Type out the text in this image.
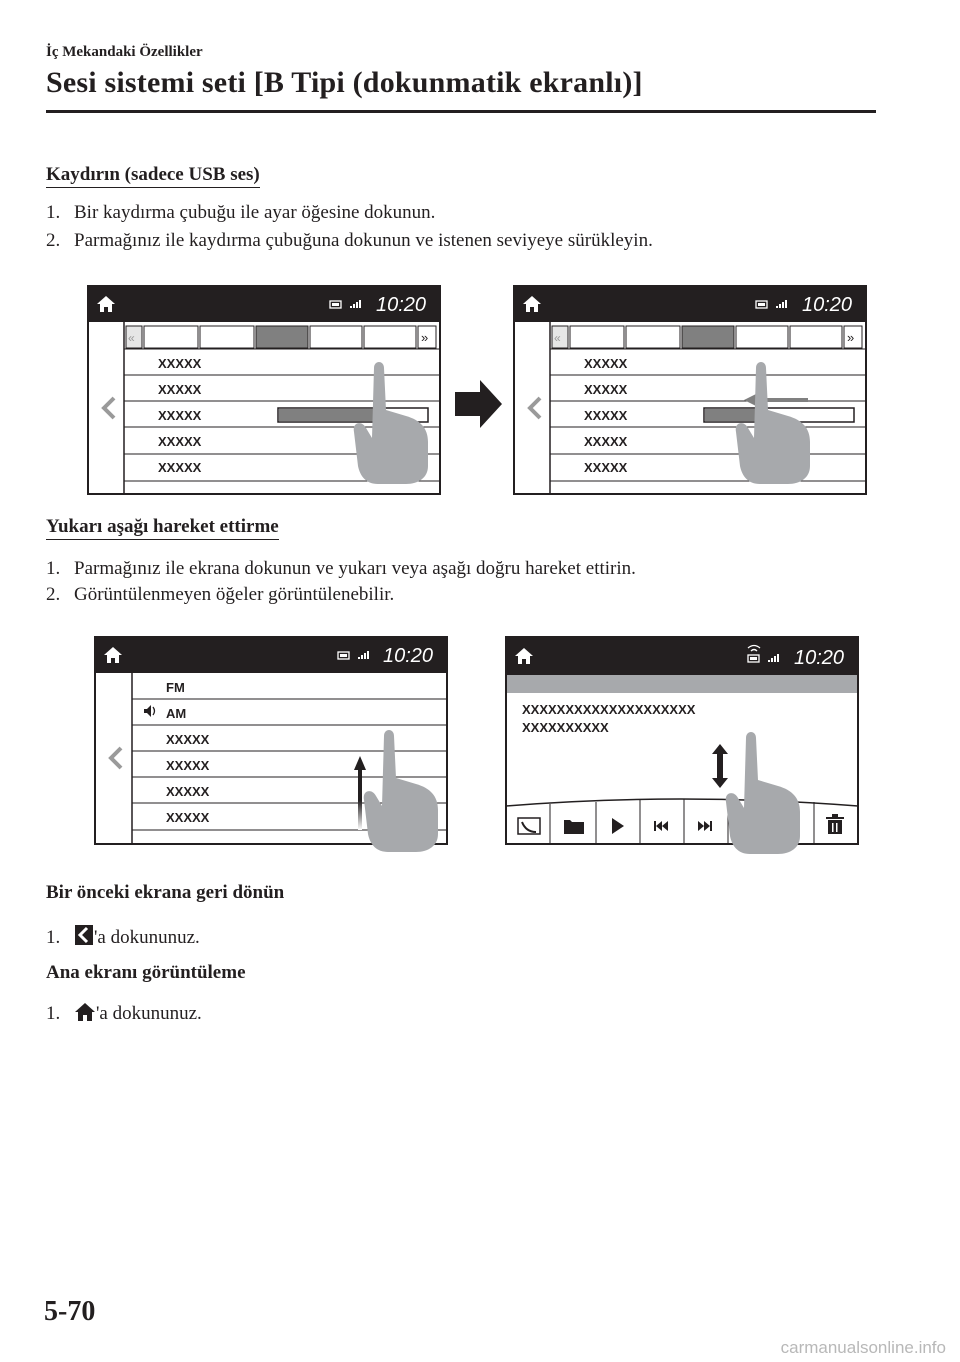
İç Mekandaki Özellikler
Sesi sistemi seti [B Tipi (dokunmatik ekranlı)]
Kaydırın (sadece USB ses)
1. Bir kaydırma çubuğu ile ayar öğesine dokunun.
2. Parmağınız ile kaydırma çubuğuna dokunun ve istenen seviyeye sürükleyin.
10:20
«	»
XXXXX
XXXXX
XXXXX
XXXXX
XXXXX
10:20
«	»
XXXXX
XXXXX
XXXXX
XXXXX
XXXXX
10:20
FM
AM
XXXXX
XXXXX
XXXXX
XXXXX
10:20
XXXXXXXXXXXXXXXXXXXX
XXXXXXXXXX
Yukarı aşağı hareket ettirme
1. Parmağınız ile ekrana dokunun ve yukarı veya aşağı doğru hareket ettirin.
2. Görüntülenmeyen öğeler görüntülenebilir.
Bir önceki ekrana geri dönün
1. 'a dokununuz.
Ana ekranı görüntüleme
1. 'a dokununuz.
5-70
carmanualsonline.info
